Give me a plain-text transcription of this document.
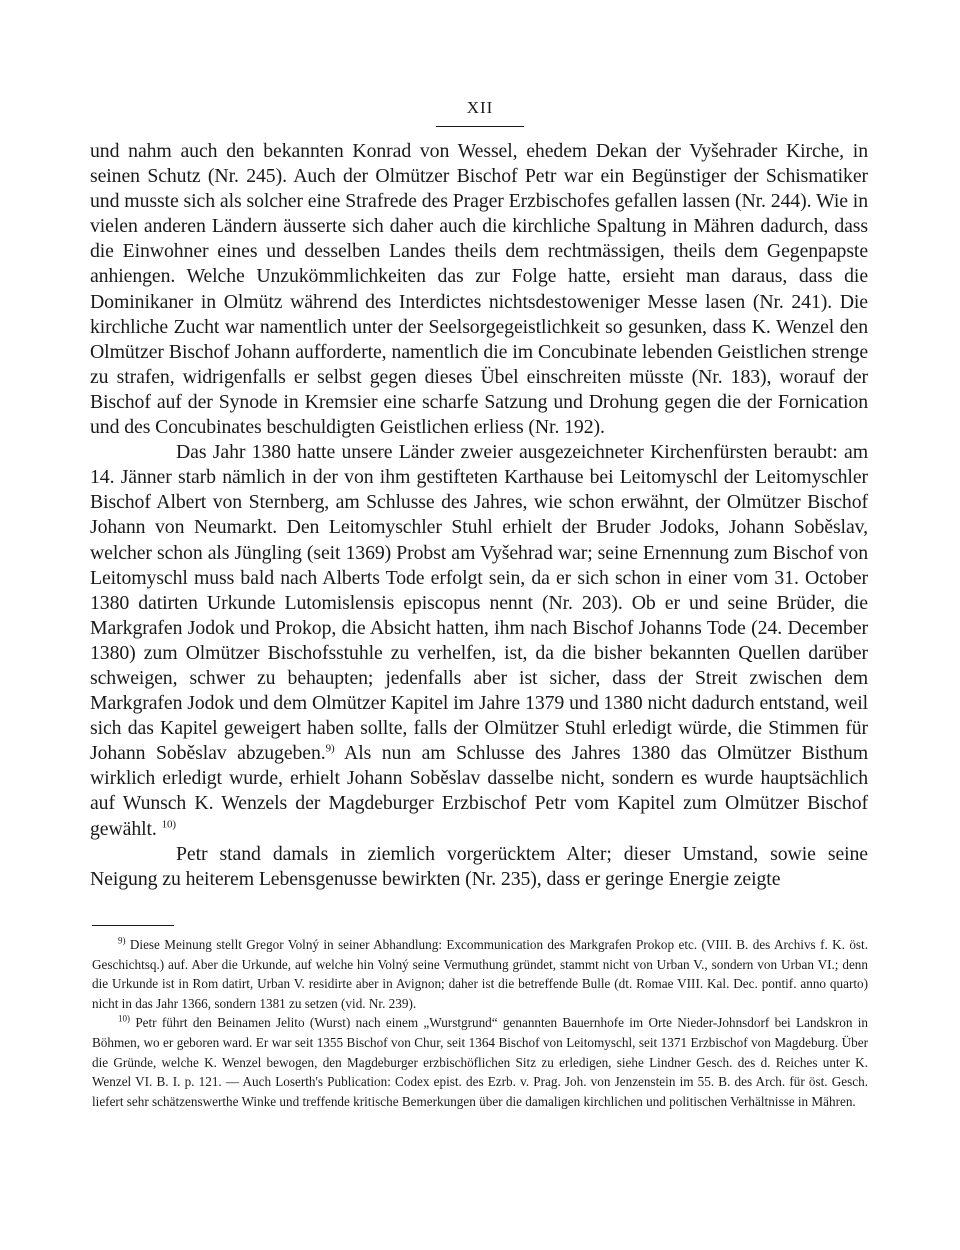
XII

und nahm auch den bekannten Konrad von Wessel, ehedem Dekan der Vyšehrader Kirche, in seinen Schutz (Nr. 245). Auch der Olmützer Bischof Petr war ein Begünstiger der Schismatiker und musste sich als solcher eine Strafrede des Prager Erzbischofes gefallen lassen (Nr. 244). Wie in vielen anderen Ländern äusserte sich daher auch die kirchliche Spaltung in Mähren dadurch, dass die Einwohner eines und desselben Landes theils dem rechtmässigen, theils dem Gegenpapste anhiengen. Welche Unzukömmlichkeiten das zur Folge hatte, ersieht man daraus, dass die Dominikaner in Olmütz während des Interdictes nichtsdestoweniger Messe lasen (Nr. 241). Die kirchliche Zucht war namentlich unter der Seelsorgegeistlichkeit so gesunken, dass K. Wenzel den Olmützer Bischof Johann aufforderte, namentlich die im Concubinate lebenden Geistlichen strenge zu strafen, widrigenfalls er selbst gegen dieses Übel einschreiten müsste (Nr. 183), worauf der Bischof auf der Synode in Kremsier eine scharfe Satzung und Drohung gegen die der Fornication und des Concubinates beschuldigten Geistlichen erliess (Nr. 192).

Das Jahr 1380 hatte unsere Länder zweier ausgezeichneter Kirchenfürsten beraubt: am 14. Jänner starb nämlich in der von ihm gestifteten Karthause bei Leitomyschl der Leitomyschler Bischof Albert von Sternberg, am Schlusse des Jahres, wie schon erwähnt, der Olmützer Bischof Johann von Neumarkt. Den Leitomyschler Stuhl erhielt der Bruder Jodoks, Johann Soběslav, welcher schon als Jüngling (seit 1369) Probst am Vyšehrad war; seine Ernennung zum Bischof von Leitomyschl muss bald nach Alberts Tode erfolgt sein, da er sich schon in einer vom 31. October 1380 datirten Urkunde Lutomislensis episcopus nennt (Nr. 203). Ob er und seine Brüder, die Markgrafen Jodok und Prokop, die Absicht hatten, ihm nach Bischof Johanns Tode (24. December 1380) zum Olmützer Bischofsstuhle zu verhelfen, ist, da die bisher bekannten Quellen darüber schweigen, schwer zu behaupten; jedenfalls aber ist sicher, dass der Streit zwischen dem Markgrafen Jodok und dem Olmützer Kapitel im Jahre 1379 und 1380 nicht dadurch entstand, weil sich das Kapitel geweigert haben sollte, falls der Olmützer Stuhl erledigt würde, die Stimmen für Johann Soběslav abzugeben.$^{9)}$ Als nun am Schlusse des Jahres 1380 das Olmützer Bisthum wirklich erledigt wurde, erhielt Johann Soběslav dasselbe nicht, sondern es wurde hauptsächlich auf Wunsch K. Wenzels der Magdeburger Erzbischof Petr vom Kapitel zum Olmützer Bischof gewählt. $^{10)}$

Petr stand damals in ziemlich vorgerücktem Alter; dieser Umstand, sowie seine Neigung zu heiterem Lebensgenusse bewirkten (Nr. 235), dass er geringe Energie zeigte

$^{9)}$ Diese Meinung stellt Gregor Volný in seiner Abhandlung: Excommunication des Markgrafen Prokop etc. (VIII. B. des Archivs f. K. öst. Geschichtsq.) auf. Aber die Urkunde, auf welche hin Volný seine Vermuthung gründet, stammt nicht von Urban V., sondern von Urban VI.; denn die Urkunde ist in Rom datirt, Urban V. residirte aber in Avignon; daher ist die betreffende Bulle (dt. Romae VIII. Kal. Dec. pontif. anno quarto) nicht in das Jahr 1366, sondern 1381 zu setzen (vid. Nr. 239).

$^{10)}$ Petr führt den Beinamen Jelito (Wurst) nach einem „Wurstgrund“ genannten Bauernhofe im Orte Nieder-Johnsdorf bei Landskron in Böhmen, wo er geboren ward. Er war seit 1355 Bischof von Chur, seit 1364 Bischof von Leitomyschl, seit 1371 Erzbischof von Magdeburg. Über die Gründe, welche K. Wenzel bewogen, den Magdeburger erzbischöflichen Sitz zu erledigen, siehe Lindner Gesch. des d. Reiches unter K. Wenzel VI. B. I. p. 121. — Auch Loserth's Publication: Codex epist. des Ezrb. v. Prag. Joh. von Jenzenstein im 55. B. des Arch. für öst. Gesch. liefert sehr schätzenswerthe Winke und treffende kritische Bemerkungen über die damaligen kirchlichen und politischen Verhältnisse in Mähren.
